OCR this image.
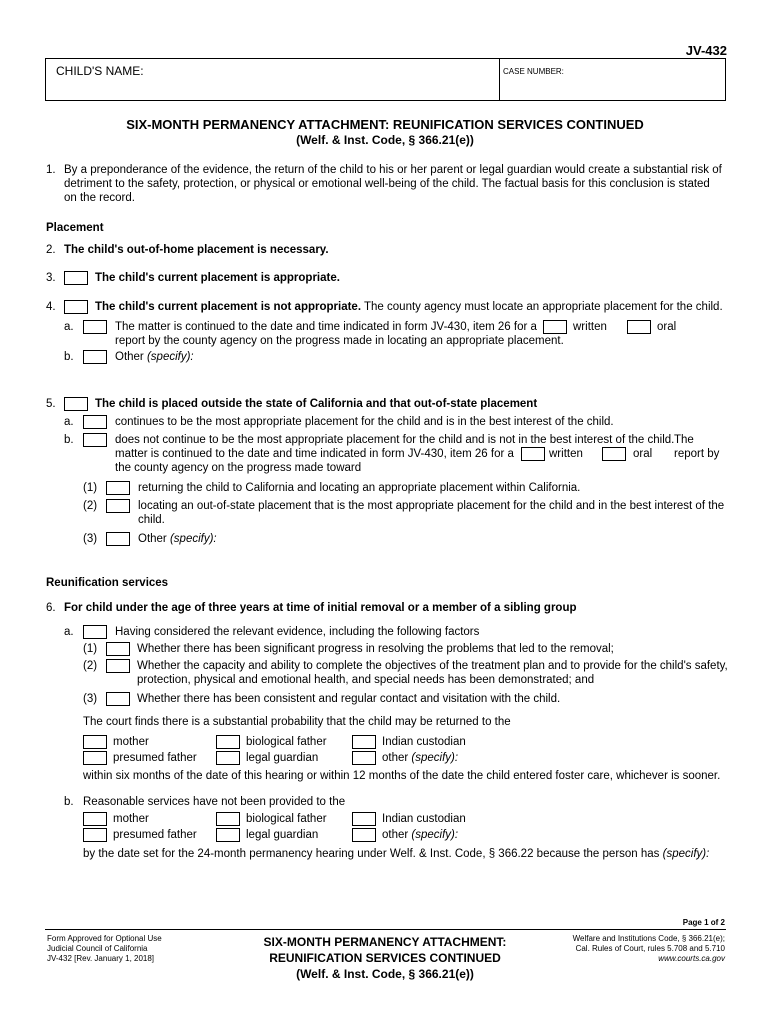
JV-432
CHILD'S NAME:	CASE NUMBER:
SIX-MONTH PERMANENCY ATTACHMENT: REUNIFICATION SERVICES CONTINUED
(Welf. & Inst. Code, § 366.21(e))
1. By a preponderance of the evidence, the return of the child to his or her parent or legal guardian would create a substantial risk of
detriment to the safety, protection, or physical or emotional well-being of the child. The factual basis for this conclusion is stated
on the record.
Placement
2. The child's out-of-home placement is necessary.
3.	The child's current placement is appropriate.
4.	The child's current placement is not appropriate. The county agency must locate an appropriate placement for the child.
a.	The matter is continued to the date and time indicated in form JV-430, item 26 for a	written	oral
report by the county agency on the progress made in locating an appropriate placement.
b.	Other (specify):
5.	The child is placed outside the state of California and that out-of-state placement
a.	continues to be the most appropriate placement for the child and is in the best interest of the child.
b.	does not continue to be the most appropriate placement for the child and is not in the best interest of the child. The
matter is continued to the date and time indicated in form JV-430, item 26 for a	written	oral report by
the county agency on the progress made toward
(1)	returning the child to California and locating an appropriate placement within California.
(2)	locating an out-of-state placement that is the most appropriate placement for the child and in the best interest of the
child.
(3)	Other (specify):
Reunification services
6. For child under the age of three years at time of initial removal or a member of a sibling group
a.	Having considered the relevant evidence, including the following factors
(1)	Whether there has been significant progress in resolving the problems that led to the removal;
(2)	Whether the capacity and ability to complete the objectives of the treatment plan and to provide for the child's safety,
protection, physical and emotional health, and special needs has been demonstrated; and
(3)	Whether there has been consistent and regular contact and visitation with the child.
The court finds there is a substantial probability that the child may be returned to the
mother	biological father	Indian custodian
presumed father	legal guardian	other (specify):
within six months of the date of this hearing or within 12 months of the date the child entered foster care, whichever is sooner.
b. Reasonable services have not been provided to the
mother	biological father	Indian custodian
presumed father	legal guardian	other (specify):
by the date set for the 24-month permanency hearing under Welf. & Inst. Code, § 366.22 because the person has (specify):
Page 1 of 2
Form Approved for Optional Use
Judicial Council of California
JV-432 [Rev. January 1, 2018]
SIX-MONTH PERMANENCY ATTACHMENT:
REUNIFICATION SERVICES CONTINUED
(Welf. & Inst. Code, § 366.21(e))
Welfare and Institutions Code, § 366.21(e);
Cal. Rules of Court, rules 5.708 and 5.710
www.courts.ca.gov
